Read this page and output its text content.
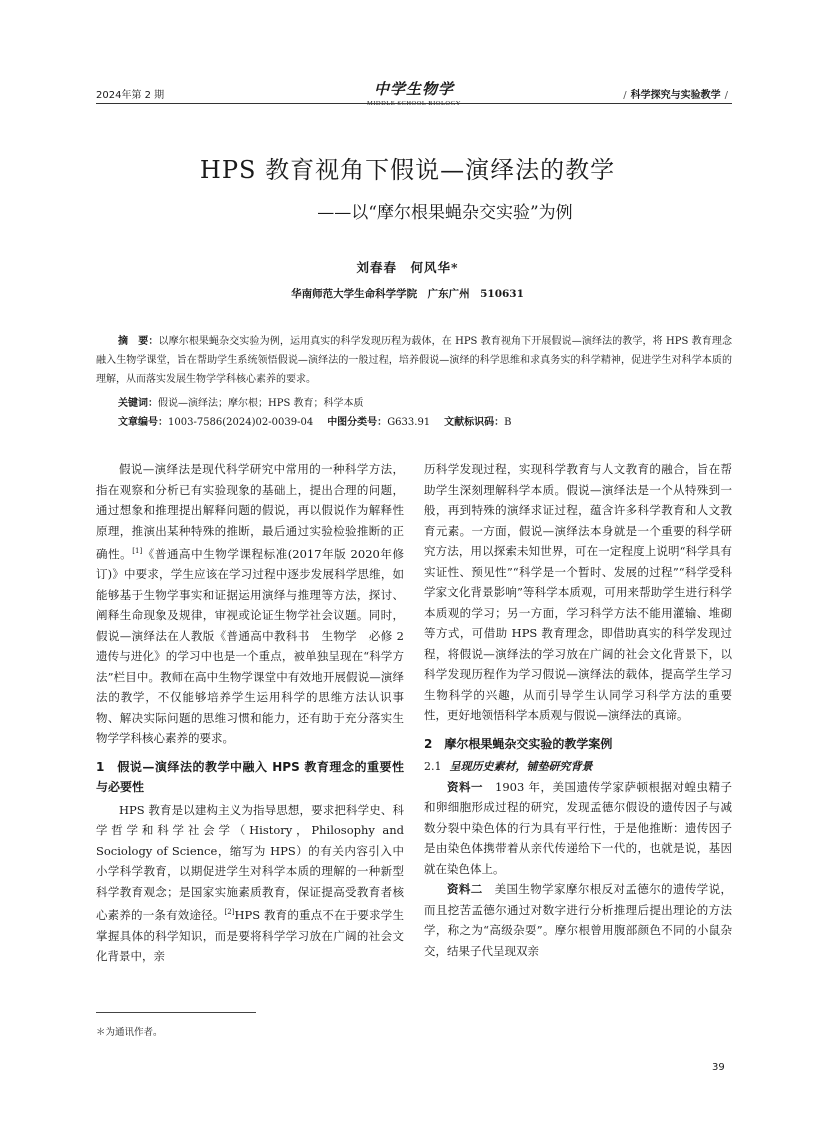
2024年第 2 期	中学生物学
MIDDLE SCHOOL BIOLOGY
/ 科学探究与实验教学 /
HPS 教育视角下假说—演绎法的教学
——以“摩尔根果蝇杂交实验”为例
刘春春　何风华*
华南师范大学生命科学学院　广东广州　510631
摘　要：以摩尔根果蝇杂交实验为例，运用真实的科学发现历程为载体，在 HPS 教育视角下开展假说—演绎法的教学，将 HPS 教育理念融入生物学课堂，旨在帮助学生系统领悟假说—演绎法的一般过程，培养假说—演绎的科学思维和求真务实的科学精神，促进学生对科学本质的理解，从而落实发展生物学学科核心素养的要求。
关键词：假说—演绎法；摩尔根；HPS 教育；科学本质
文章编号：1003-7586(2024)02-0039-04 中图分类号：G633.91 文献标识码：B

假说—演绎法是现代科学研究中常用的一种科学方法，指在观察和分析已有实验现象的基础上，提出合理的问题，通过想象和推理提出解释问题的假说，再以假说作为解释性原理，推演出某种特殊的推断，最后通过实验检验推断的正确性。[1]《普通高中生物学课程标准(2017年版 2020年修订)》中要求，学生应该在学习过程中逐步发展科学思维，如能够基于生物学事实和证据运用演绎与推理等方法，探讨、阐释生命现象及规律，审视或论证生物学社会议题。同时，假说—演绎法在人教版《普通高中教科书　生物学　必修 2　遗传与进化》的学习中也是一个重点，被单独呈现在“科学方法”栏目中。教师在高中生物学课堂中有效地开展假说—演绎法的教学，不仅能够培养学生运用科学的思维方法认识事物、解决实际问题的思维习惯和能力，还有助于充分落实生物学学科核心素养的要求。

1　假说—演绎法的教学中融入 HPS 教育理念的重要性与必要性

HPS 教育是以建构主义为指导思想，要求把科学史、科学哲学和科学社会学（History，Philosophy and Sociology of Science，缩写为 HPS）的有关内容引入中小学科学教育，以期促进学生对科学本质的理解的一种新型科学教育观念；是国家实施素质教育，保证提高受教育者核心素养的一条有效途径。[2]HPS 教育的重点不在于要求学生掌握具体的科学知识，而是要将科学学习放在广阔的社会文化背景中，亲

历科学发现过程，实现科学教育与人文教育的融合，旨在帮助学生深刻理解科学本质。假说—演绎法是一个从特殊到一般，再到特殊的演绎求证过程，蕴含许多科学教育和人文教育元素。一方面，假说—演绎法本身就是一个重要的科学研究方法，用以探索未知世界，可在一定程度上说明“科学具有实证性、预见性”“科学是一个暂时、发展的过程”“科学受科学家文化背景影响”等科学本质观，可用来帮助学生进行科学本质观的学习；另一方面，学习科学方法不能用灌输、堆砌等方式，可借助 HPS 教育理念，即借助真实的科学发现过程，将假说—演绎法的学习放在广阔的社会文化背景下，以科学发现历程作为学习假说—演绎法的载体，提高学生学习生物科学的兴趣，从而引导学生认同学习科学方法的重要性，更好地领悟科学本质观与假说—演绎法的真谛。

2　摩尔根果蝇杂交实验的教学案例
2.1 呈现历史素材，铺垫研究背景

资料一　1903 年，美国遗传学家萨顿根据对蝗虫精子和卵细胞形成过程的研究，发现孟德尔假设的遗传因子与减数分裂中染色体的行为具有平行性，于是他推断：遗传因子是由染色体携带着从亲代传递给下一代的，也就是说，基因就在染色体上。

资料二　美国生物学家摩尔根反对孟德尔的遗传学说，而且挖苦孟德尔通过对数字进行分析推理后提出理论的方法学，称之为“高级杂耍”。摩尔根曾用腹部颜色不同的小鼠杂交，结果子代呈现双亲

＊为通讯作者。
39
